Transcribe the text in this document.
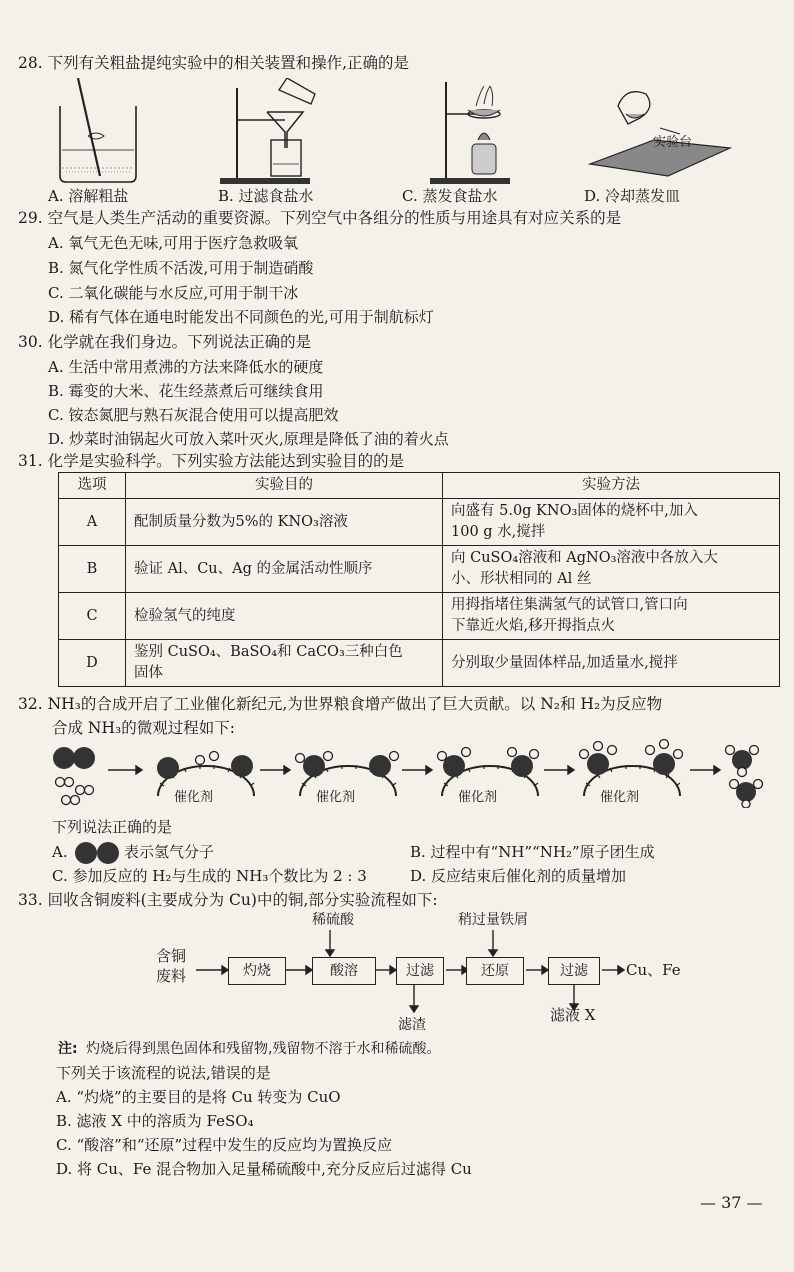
28. 下列有关粗盐提纯实验中的相关装置和操作,正确的是
实验台
A. 溶解粗盐	B. 过滤食盐水	C. 蒸发食盐水	D. 冷却蒸发皿
29. 空气是人类生产活动的重要资源。下列空气中各组分的性质与用途具有对应关系的是
A. 氧气无色无味,可用于医疗急救吸氧
B. 氮气化学性质不活泼,可用于制造硝酸
C. 二氧化碳能与水反应,可用于制干冰
D. 稀有气体在通电时能发出不同颜色的光,可用于制航标灯
30. 化学就在我们身边。下列说法正确的是
A. 生活中常用煮沸的方法来降低水的硬度
B. 霉变的大米、花生经蒸煮后可继续食用
C. 铵态氮肥与熟石灰混合使用可以提高肥效
D. 炒菜时油锅起火可放入菜叶灭火,原理是降低了油的着火点
31. 化学是实验科学。下列实验方法能达到实验目的的是
选项	实验目的	实验方法
A	配制质量分数为5%的 KNO₃溶液	向盛有 5.0g KNO₃固体的烧杯中,加入
100 g 水,搅拌

B	验证 Al、Cu、Ag 的金属活动性顺序	向 CuSO₄溶液和 AgNO₃溶液中各放入大
小、形状相同的 Al 丝

C	检验氢气的纯度	用拇指堵住集满氢气的试管口,管口向
下靠近火焰,移开拇指点火

D	鉴别 CuSO₄、BaSO₄和 CaCO₃三种白色
固体	分别取少量固体样品,加适量水,搅拌
32. NH₃的合成开启了工业催化新纪元,为世界粮食增产做出了巨大贡献。以 N₂和 H₂为反应物
合成 NH₃的微观过程如下:
催化剂	催化剂	催化剂	催化剂
下列说法正确的是
A.	表示氢气分子	B. 过程中有“NH”“NH₂”原子团生成
C. 参加反应的 H₂与生成的 NH₃个数比为 2 : 3	D. 反应结束后催化剂的质量增加
33. 回收含铜废料(主要成分为 Cu)中的铜,部分实验流程如下:
含铜
废料
稀硫酸	稍过量铁屑
灼烧	酸溶	过滤	还原	过滤	Cu、Fe
滤渣
滤液 X
注: 灼烧后得到黑色固体和残留物,残留物不溶于水和稀硫酸。
下列关于该流程的说法,错误的是
A. “灼烧”的主要目的是将 Cu 转变为 CuO
B. 滤液 X 中的溶质为 FeSO₄
C. “酸溶”和“还原”过程中发生的反应均为置换反应
D. 将 Cu、Fe 混合物加入足量稀硫酸中,充分反应后过滤得 Cu
— 37 —
